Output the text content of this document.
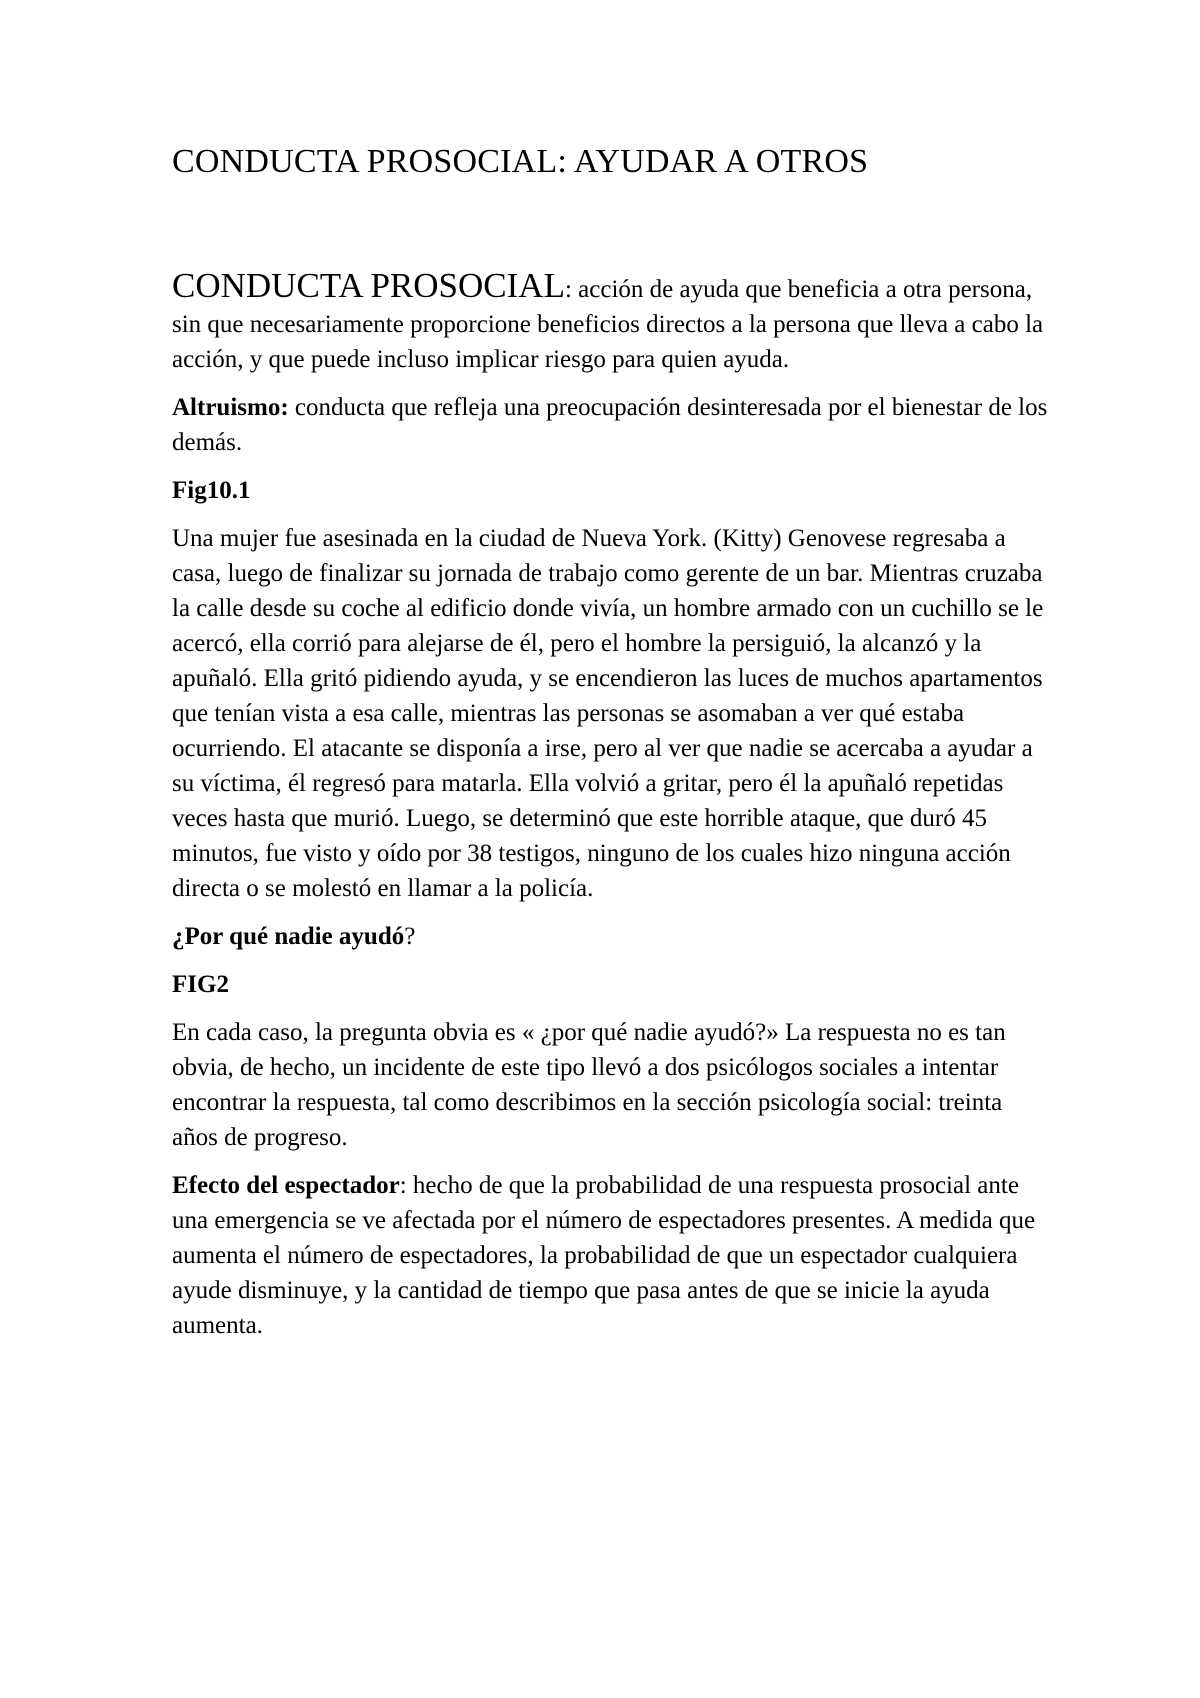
CONDUCTA PROSOCIAL: AYUDAR A OTROS

CONDUCTA PROSOCIAL: acción de ayuda que beneficia a otra persona, sin que necesariamente proporcione beneficios directos a la persona que lleva a cabo la acción, y que puede incluso implicar riesgo para quien ayuda.

Altruismo: conducta que refleja una preocupación desinteresada por el bienestar de los demás.

Fig10.1

Una mujer fue asesinada en la ciudad de Nueva York. (Kitty) Genovese regresaba a casa, luego de finalizar su jornada de trabajo como gerente de un bar. Mientras cruzaba la calle desde su coche al edificio donde vivía, un hombre armado con un cuchillo se le acercó, ella corrió para alejarse de él, pero el hombre la persiguió, la alcanzó y la apuñaló. Ella gritó pidiendo ayuda, y se encendieron las luces de muchos apartamentos que tenían vista a esa calle, mientras las personas se asomaban a ver qué estaba ocurriendo. El atacante se disponía a irse, pero al ver que nadie se acercaba a ayudar a su víctima, él regresó para matarla. Ella volvió a gritar, pero él la apuñaló repetidas veces hasta que murió. Luego, se determinó que este horrible ataque, que duró 45 minutos, fue visto y oído por 38 testigos, ninguno de los cuales hizo ninguna acción directa o se molestó en llamar a la policía.

¿Por qué nadie ayudó?

FIG2

En cada caso, la pregunta obvia es « ¿por qué nadie ayudó?» La respuesta no es tan obvia, de hecho, un incidente de este tipo llevó a dos psicólogos sociales a intentar encontrar la respuesta, tal como describimos en la sección psicología social: treinta años de progreso.

Efecto del espectador: hecho de que la probabilidad de una respuesta prosocial ante una emergencia se ve afectada por el número de espectadores presentes. A medida que aumenta el número de espectadores, la probabilidad de que un espectador cualquiera ayude disminuye, y la cantidad de tiempo que pasa antes de que se inicie la ayuda aumenta.
